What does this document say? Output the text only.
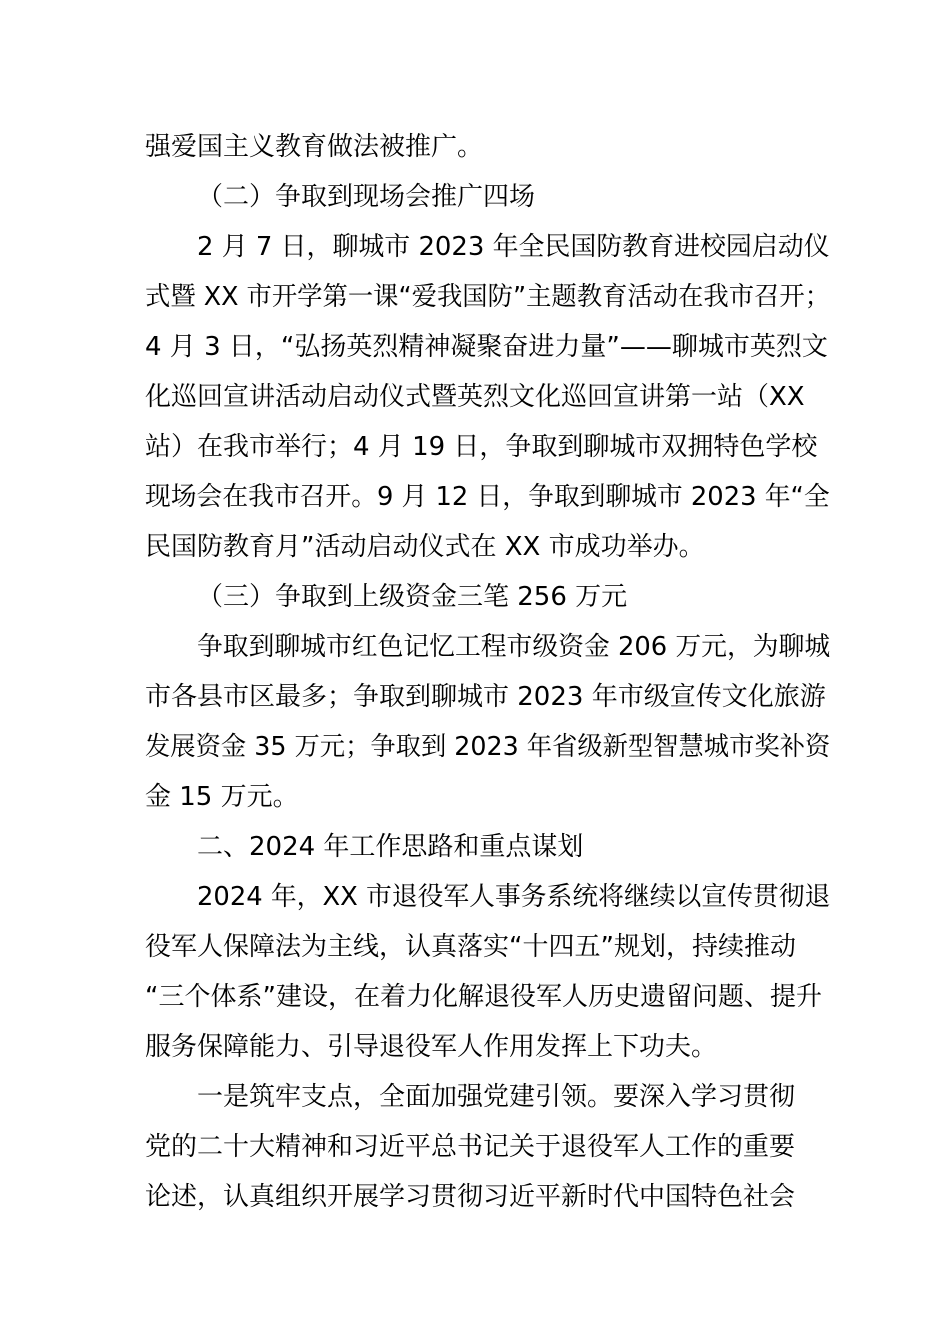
强爱国主义教育做法被推广。
（二）争取到现场会推广四场
2 月 7 日，聊城市 2023 年全民国防教育进校园启动仪
式暨 XX 市开学第一课“爱我国防”主题教育活动在我市召开；
4 月 3 日，“弘扬英烈精神凝聚奋进力量”——聊城市英烈文
化巡回宣讲活动启动仪式暨英烈文化巡回宣讲第一站（XX
站）在我市举行；4 月 19 日，争取到聊城市双拥特色学校
现场会在我市召开。9 月 12 日，争取到聊城市 2023 年“全
民国防教育月”活动启动仪式在 XX 市成功举办。
（三）争取到上级资金三笔 256 万元
争取到聊城市红色记忆工程市级资金 206 万元，为聊城
市各县市区最多；争取到聊城市 2023 年市级宣传文化旅游
发展资金 35 万元；争取到 2023 年省级新型智慧城市奖补资
金 15 万元。
二、2024 年工作思路和重点谋划
2024 年，XX 市退役军人事务系统将继续以宣传贯彻退
役军人保障法为主线，认真落实“十四五”规划，持续推动
“三个体系”建设，在着力化解退役军人历史遗留问题、提升
服务保障能力、引导退役军人作用发挥上下功夫。
一是筑牢支点，全面加强党建引领。要深入学习贯彻
党的二十大精神和习近平总书记关于退役军人工作的重要
论述，认真组织开展学习贯彻习近平新时代中国特色社会
